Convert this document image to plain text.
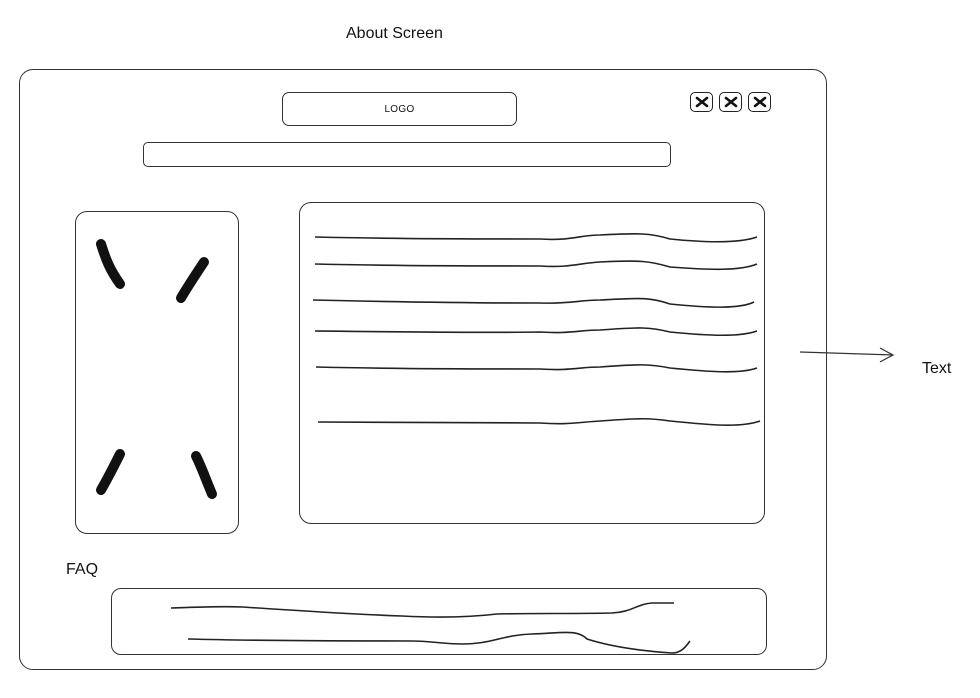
About Screen
LOGO
FAQ
Text
